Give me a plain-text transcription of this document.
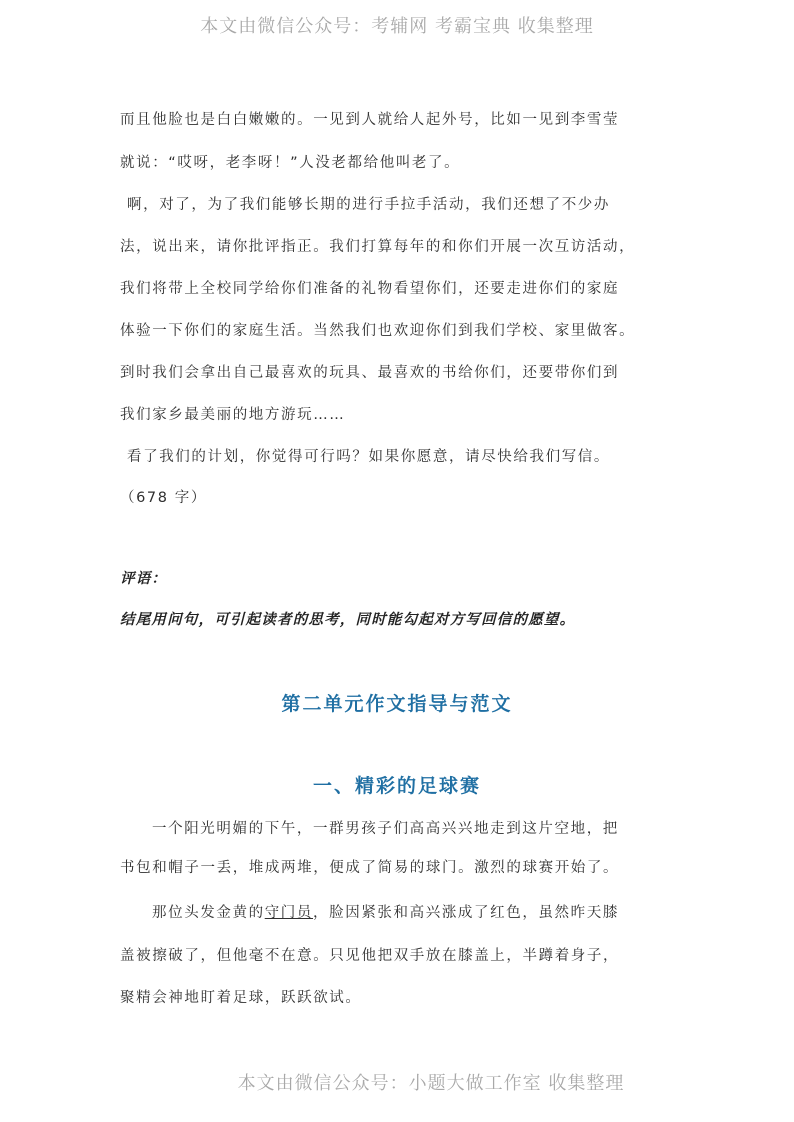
本文由微信公众号：考辅网 考霸宝典 收集整理
而且他脸也是白白嫩嫩的。一见到人就给人起外号，比如一见到李雪莹
就说：“哎呀，老李呀！”人没老都给他叫老了。
啊，对了，为了我们能够长期的进行手拉手活动，我们还想了不少办
法，说出来，请你批评指正。我们打算每年的和你们开展一次互访活动，
我们将带上全校同学给你们准备的礼物看望你们，还要走进你们的家庭
体验一下你们的家庭生活。当然我们也欢迎你们到我们学校、家里做客。
到时我们会拿出自己最喜欢的玩具、最喜欢的书给你们，还要带你们到
我们家乡最美丽的地方游玩……
看了我们的计划，你觉得可行吗？如果你愿意，请尽快给我们写信。
（678 字）
评语：
结尾用问句，可引起读者的思考，同时能勾起对方写回信的愿望。
第二单元作文指导与范文
一、精彩的足球赛
一个阳光明媚的下午，一群男孩子们高高兴兴地走到这片空地，把
书包和帽子一丢，堆成两堆，便成了简易的球门。激烈的球赛开始了。
那位头发金黄的守门员，脸因紧张和高兴涨成了红色，虽然昨天膝
盖被擦破了，但他毫不在意。只见他把双手放在膝盖上，半蹲着身子，
聚精会神地盯着足球，跃跃欲试。
本文由微信公众号：小题大做工作室 收集整理
